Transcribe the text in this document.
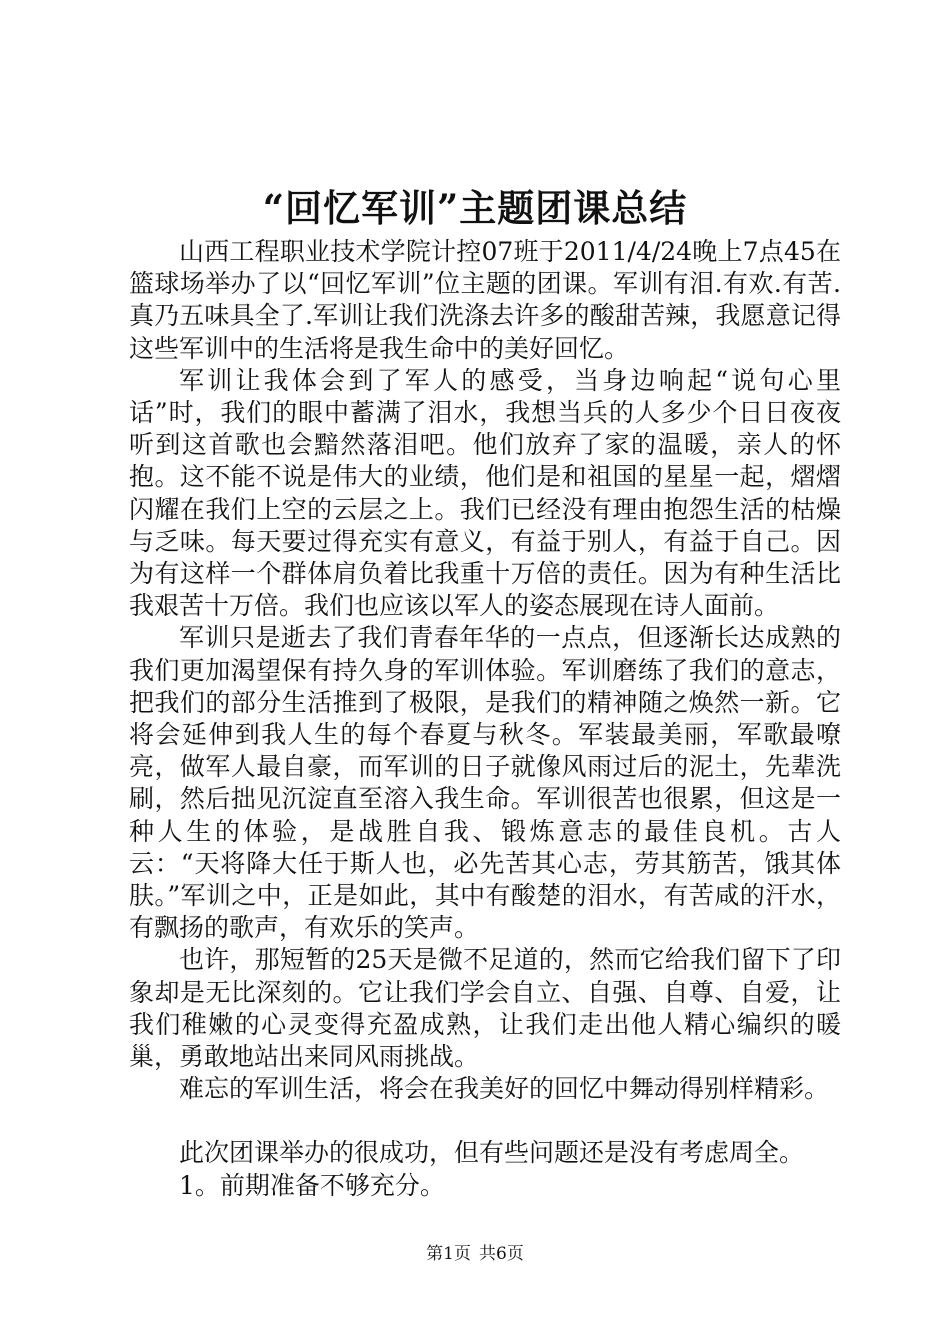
“回忆军训”主题团课总结

山西工程职业技术学院计控07班于2011/4/24晚上7点45在篮球场举办了以“回忆军训”位主题的团课。军训有泪.有欢.有苦.真乃五味具全了.军训让我们洗涤去许多的酸甜苦辣，我愿意记得这些军训中的生活将是我生命中的美好回忆。

军训让我体会到了军人的感受，当身边响起“说句心里话”时，我们的眼中蓄满了泪水，我想当兵的人多少个日日夜夜听到这首歌也会黯然落泪吧。他们放弃了家的温暖，亲人的怀抱。这不能不说是伟大的业绩，他们是和祖国的星星一起，熠熠闪耀在我们上空的云层之上。我们已经没有理由抱怨生活的枯燥与乏味。每天要过得充实有意义，有益于别人，有益于自己。因为有这样一个群体肩负着比我重十万倍的责任。因为有种生活比我艰苦十万倍。我们也应该以军人的姿态展现在诗人面前。

军训只是逝去了我们青春年华的一点点，但逐渐长达成熟的我们更加渴望保有持久身的军训体验。军训磨练了我们的意志，把我们的部分生活推到了极限，是我们的精神随之焕然一新。它将会延伸到我人生的每个春夏与秋冬。军装最美丽，军歌最嘹亮，做军人最自豪，而军训的日子就像风雨过后的泥土，先辈洗刷，然后拙见沉淀直至溶入我生命。军训很苦也很累，但这是一种人生的体验，是战胜自我、锻炼意志的最佳良机。古人云：“天将降大任于斯人也，必先苦其心志，劳其筋苦，饿其体肤。”军训之中，正是如此，其中有酸楚的泪水，有苦咸的汗水，有飘扬的歌声，有欢乐的笑声。

也许，那短暂的25天是微不足道的，然而它给我们留下了印象却是无比深刻的。它让我们学会自立、自强、自尊、自爱，让我们稚嫩的心灵变得充盈成熟，让我们走出他人精心编织的暖巢，勇敢地站出来同风雨挑战。

难忘的军训生活，将会在我美好的回忆中舞动得别样精彩。

此次团课举办的很成功，但有些问题还是没有考虑周全。

1。前期准备不够充分。

第1页 共6页
